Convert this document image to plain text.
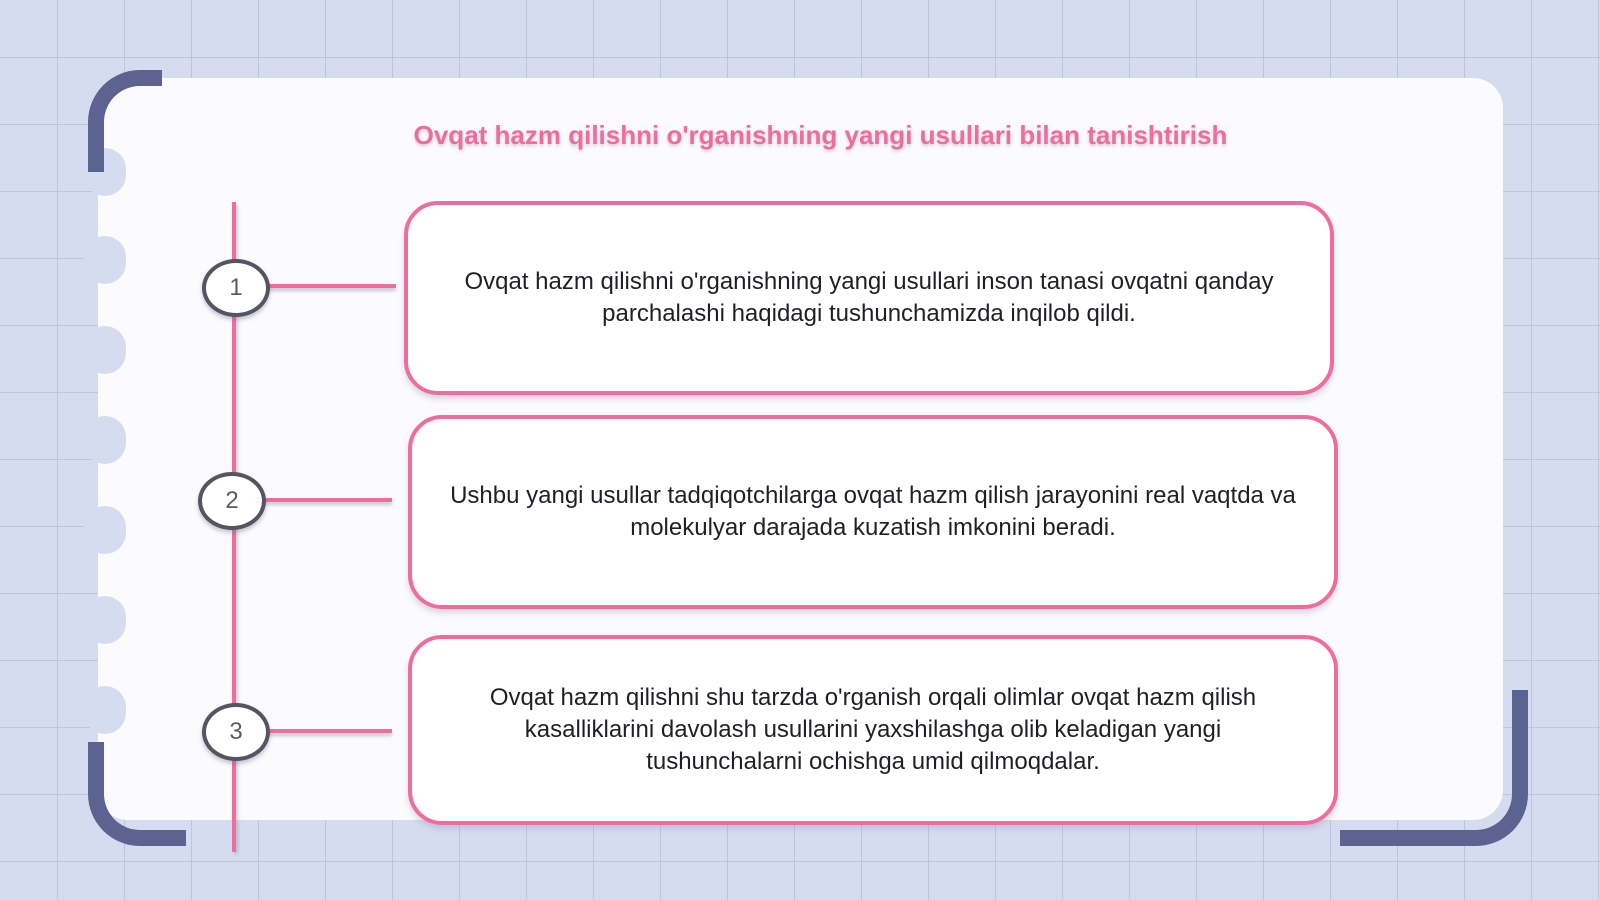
Ovqat hazm qilishni o'rganishning yangi usullari bilan tanishtirish
1	Ovqat hazm qilishni o'rganishning yangi usullari inson tanasi ovqatni qanday parchalashi haqidagi tushunchamizda inqilob qildi.
2	Ushbu yangi usullar tadqiqotchilarga ovqat hazm qilish jarayonini real vaqtda va molekulyar darajada kuzatish imkonini beradi.
3
Ovqat hazm qilishni shu tarzda o'rganish orqali olimlar ovqat hazm qilish kasalliklarini davolash usullarini yaxshilashga olib keladigan yangi tushunchalarni ochishga umid qilmoqdalar.
